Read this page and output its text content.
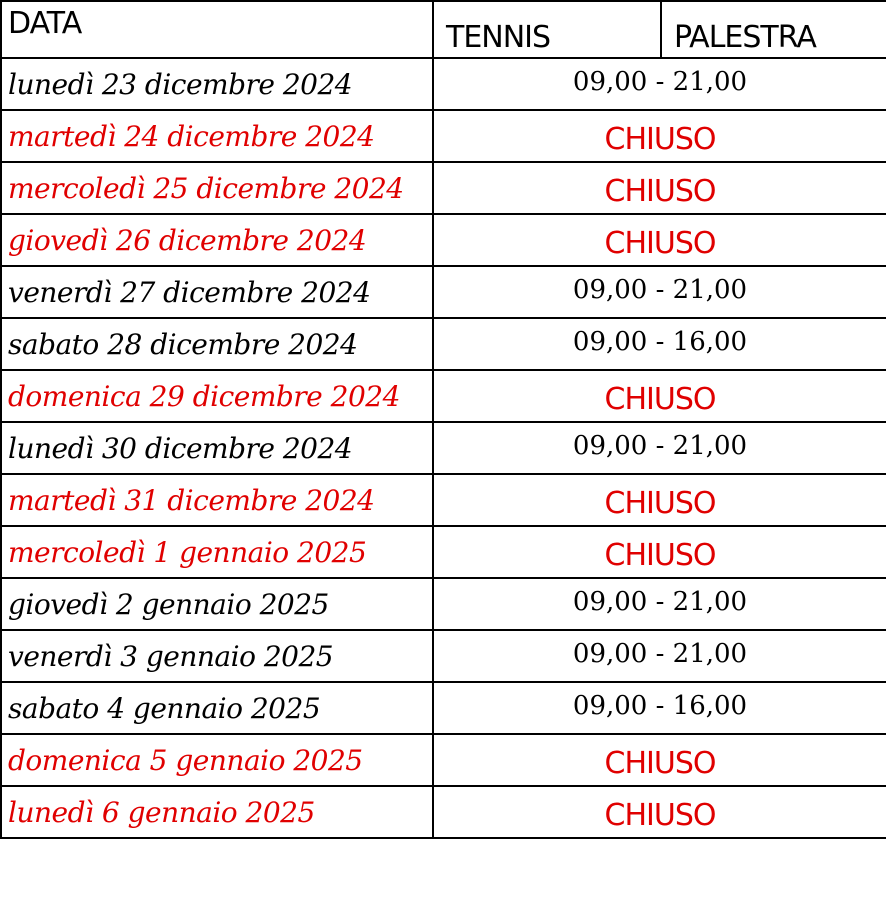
DATA	TENNIS	PALESTRA
lunedì 23 dicembre 2024	09,00 - 21,00	
martedì 24 dicembre 2024	CHIUSO	
mercoledì 25 dicembre 2024	CHIUSO	
giovedì 26 dicembre 2024	CHIUSO	
venerdì 27 dicembre 2024	09,00 - 21,00	
sabato 28 dicembre 2024	09,00 - 16,00	
domenica 29 dicembre 2024	CHIUSO	
lunedì 30 dicembre 2024	09,00 - 21,00	
martedì 31 dicembre 2024	CHIUSO	
mercoledì 1 gennaio 2025	CHIUSO	
giovedì 2 gennaio 2025	09,00 - 21,00	
venerdì 3 gennaio 2025	09,00 - 21,00	
sabato 4 gennaio 2025	09,00 - 16,00	
domenica 5 gennaio 2025	CHIUSO	
lunedì 6 gennaio 2025	CHIUSO	
